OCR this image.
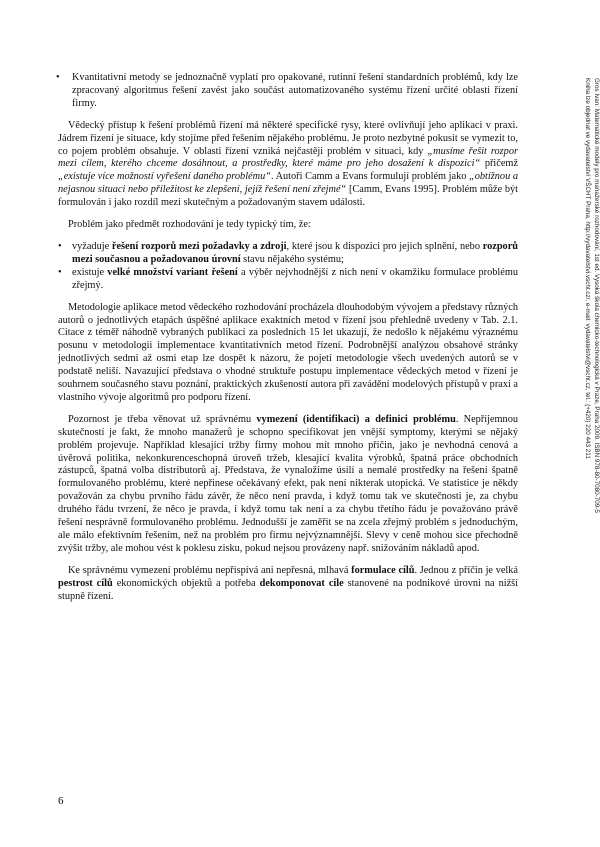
• Kvantitativní metody se jednoznačně vyplatí pro opakované, rutinní řešení standardních problémů, kdy lze zpracovaný algoritmus řešení zavést jako součást automatizovaného systému řízení určité oblasti řízení firmy.

Vědecký přístup k řešení problémů řízení má některé specifické rysy, které ovlivňují jeho aplikaci v praxi. Jádrem řízení je situace, kdy stojíme před řešením nějakého problému. Je proto nezbytné pokusit se vymezit to, co pojem problém obsahuje. V oblasti řízení vzniká nejčastěji problém v situaci, kdy „musíme řešit rozpor mezi cílem, kterého chceme dosáhnout, a prostředky, které máme pro jeho dosažení k dispozici“ přičemž „existuje více možností vyřešení daného problému“. Autoři Camm a Evans formulují problém jako „obtížnou a nejasnou situaci nebo příležitost ke zlepšení, jejíž řešení není zřejmé“ [Camm, Evans 1995]. Problém může být formulován i jako rozdíl mezi skutečným a požadovaným stavem události.

Problém jako předmět rozhodování je tedy typický tím, že:

• vyžaduje řešení rozporů mezi požadavky a zdroji, které jsou k dispozici pro jejich splnění, nebo rozporů mezi současnou a požadovanou úrovní stavu nějakého systému;
• existuje velké množství variant řešení a výběr nejvhodnější z nich není v okamžiku formulace problému zřejmý.

Metodologie aplikace metod vědeckého rozhodování procházela dlouhodobým vývojem a představy různých autorů o jednotlivých etapách úspěšné aplikace exaktních metod v řízení jsou přehledně uvedeny v Tab. 2.1. Citace z téměř náhodně vybraných publikací za posledních 15 let ukazují, že nedošlo k nějakému výraznému posunu v metodologii implementace kvantitativních metod řízení. Podrobnější analýzou obsahové stránky jednotlivých sedmi až osmi etap lze dospět k názoru, že pojetí metodologie všech uvedených autorů se v podstatě neliší. Navazující představa o vhodné struktuře postupu implementace vědeckých metod v řízení je souhrnem současného stavu poznání, praktických zkušeností autora při zavádění modelových přístupů v praxi a vlastního vývoje algoritmů pro podporu řízení.

Pozornost je třeba věnovat už správnému vymezení (identifikaci) a definici problému. Nepříjemnou skutečností je fakt, že mnoho manažerů je schopno specifikovat jen vnější symptomy, kterými se nějaký problém projevuje. Například klesající tržby firmy mohou mít mnoho příčin, jako je nevhodná cenová a úvěrová politika, nekonkurenceschopná úroveň tržeb, klesající kvalita výrobků, špatná práce obchodních zástupců, špatná volba distributorů aj. Představa, že vynaložíme úsilí a nemalé prostředky na řešení špatně formulovaného problému, které nepřinese očekávaný efekt, pak není nikterak utopická. Ve statistice je někdy považován za chybu prvního řádu závěr, že něco není pravda, i když tomu tak ve skutečnosti je, za chybu druhého řádu tvrzení, že něco je pravda, i když tomu tak není a za chybu třetího řádu je považováno právě řešení nesprávně formulovaného problému. Jednodušší je zaměřit se na zcela zřejmý problém s jednoduchým, ale málo efektivním řešením, než na problém pro firmu nejvýznamnější. Slevy v ceně mohou sice přechodně zvýšit tržby, ale mohou vést k poklesu zisku, pokud nejsou provázeny např. snižováním nákladů apod.

Ke správnému vymezení problému nepřispívá ani nepřesná, mlhavá formulace cílů. Jednou z příčin je velká pestrost cílů ekonomických objektů a potřeba dekomponovat cíle stanovené na podnikové úrovni na nižší stupně řízení.

Gros Ivan: Matematické modely pro manažerské rozhodování, 1st ed. Vysoká škola chemicko-technologická v Praze, Praha 2009. ISBN 978-80-7080-709-5
Kniha lze objednat ve vydavatelství VŠCHT Praha, http://vydavatelstvi.vscht.cz/, e-mail: vydavatelstvi@vscht.cz, tel.: (+420) 220 443 211
6
